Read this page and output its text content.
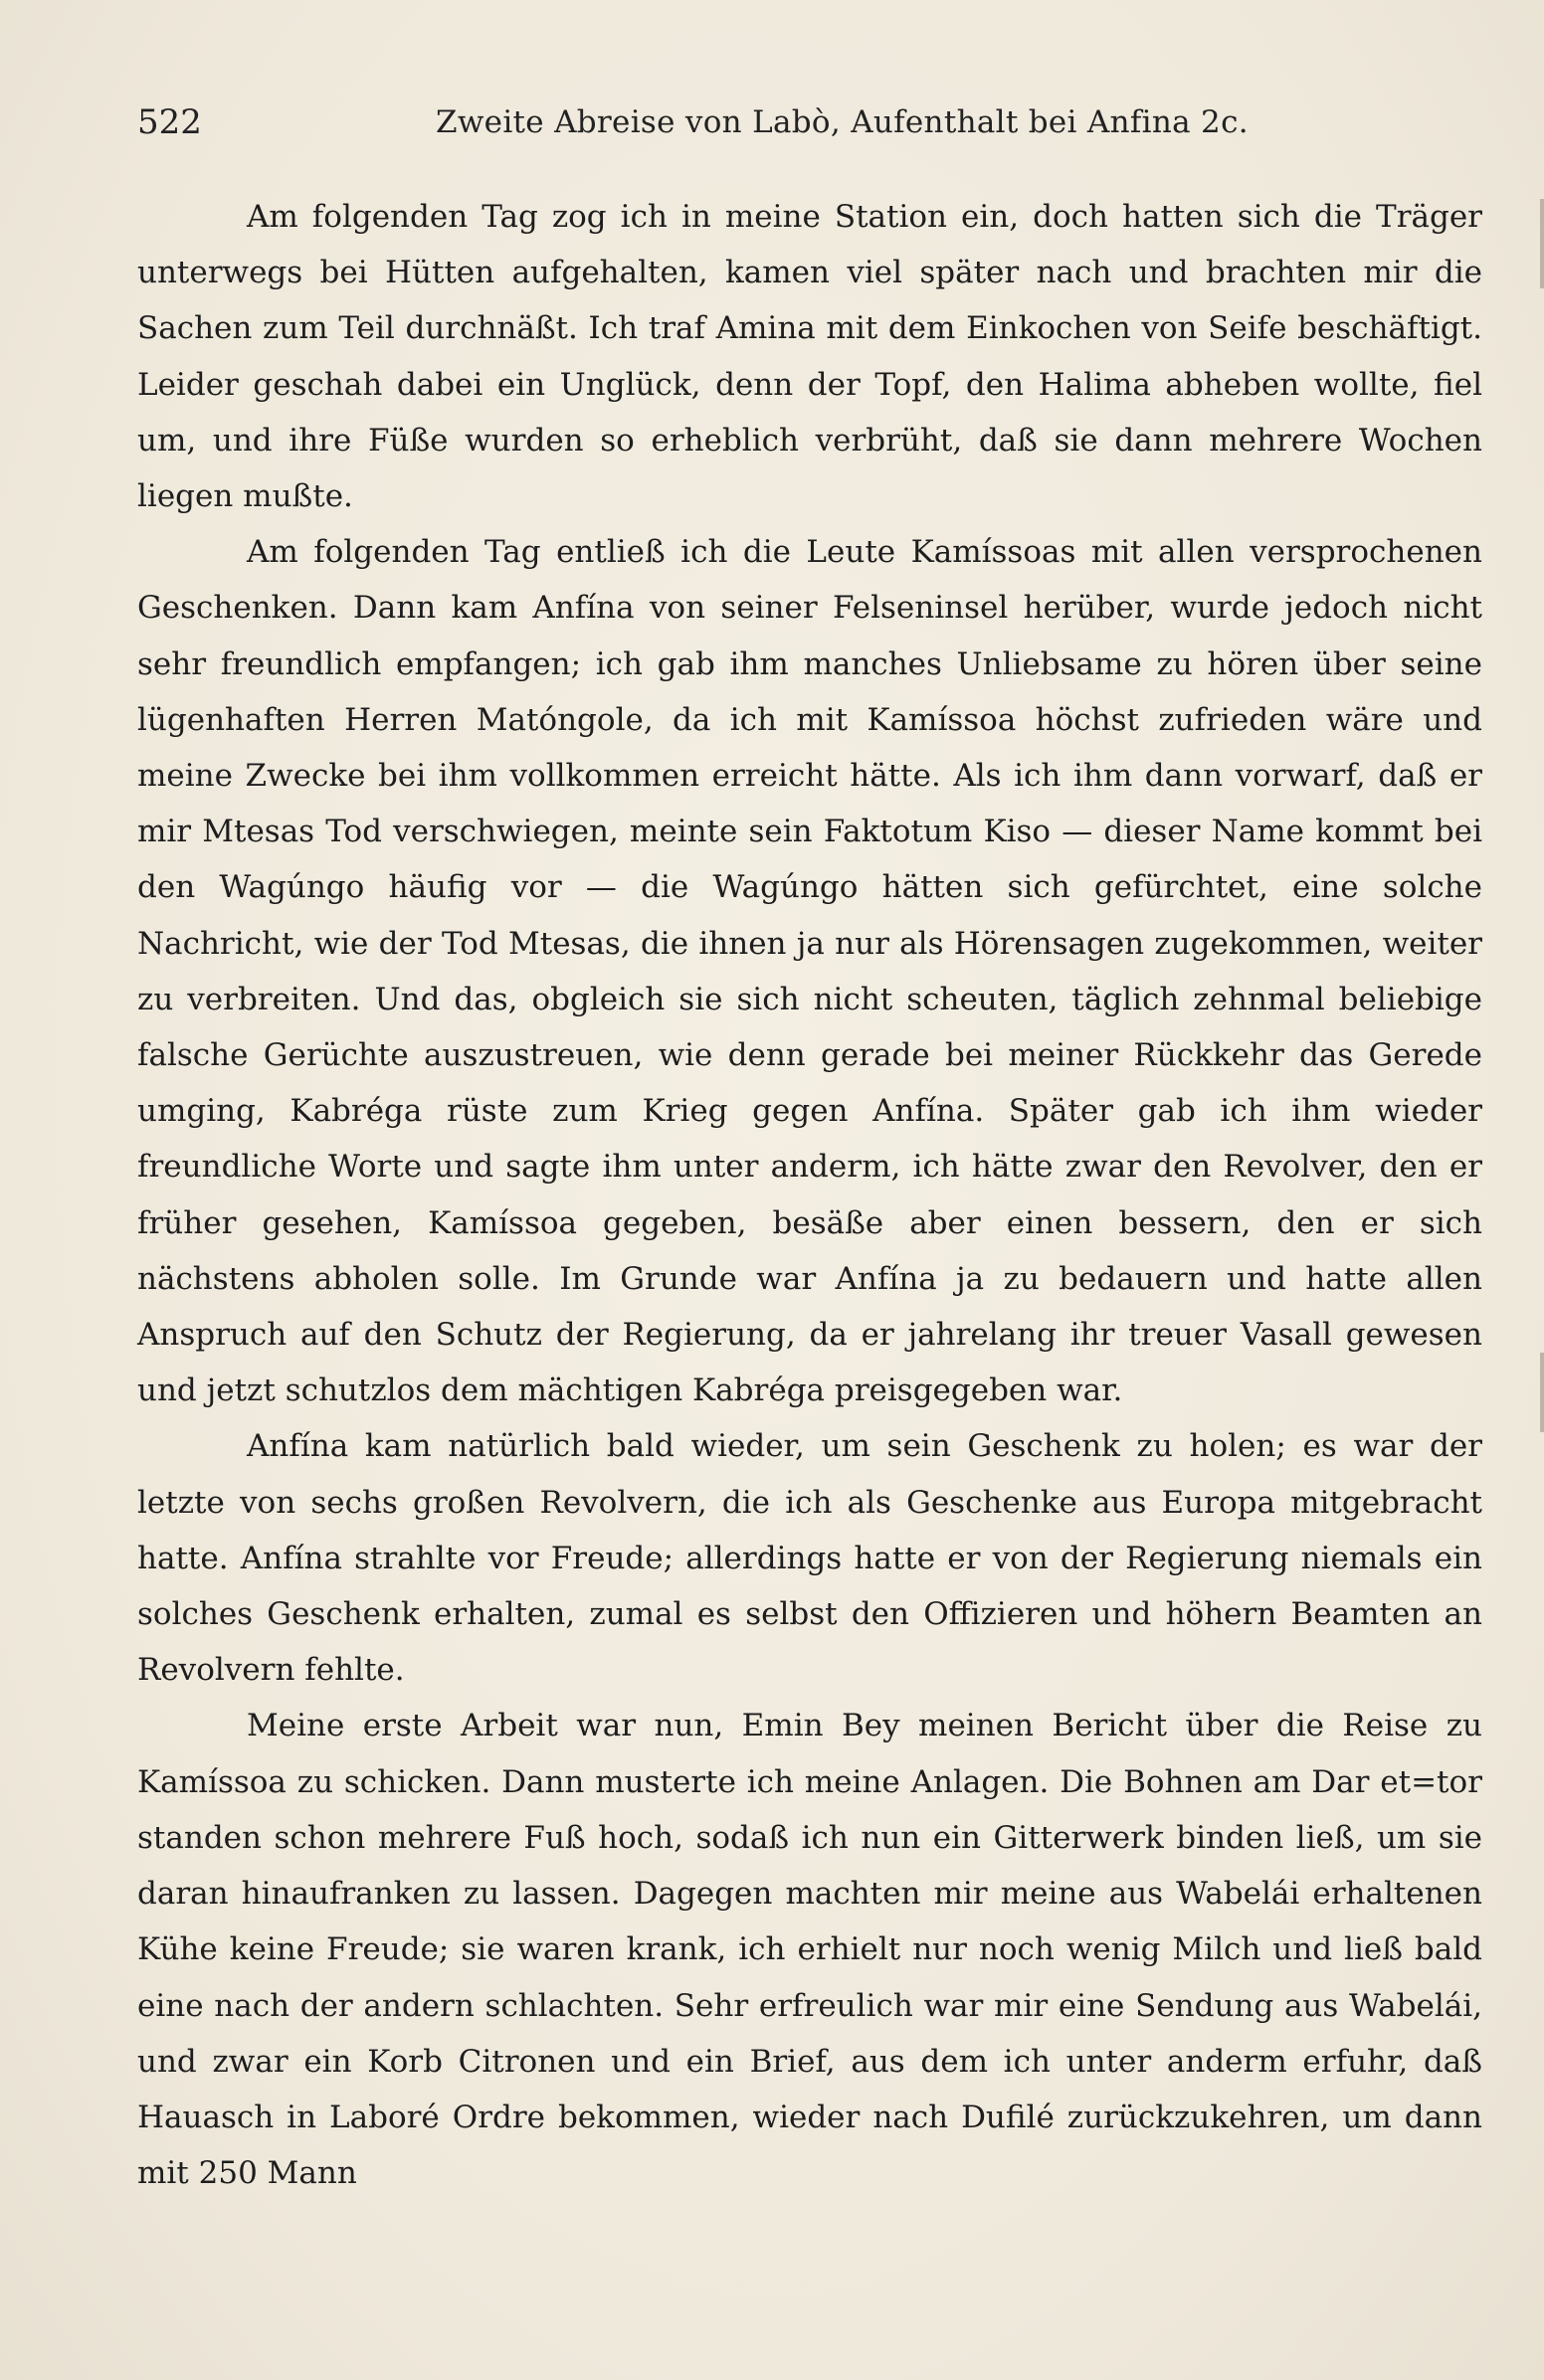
522	Zweite Abreise von Labò, Aufenthalt bei Anfina 2c.

Am folgenden Tag zog ich in meine Station ein, doch hatten sich die Träger unterwegs bei Hütten aufgehalten, kamen viel später nach und brachten mir die Sachen zum Teil durchnäßt. Ich traf Amina mit dem Einkochen von Seife beschäftigt. Leider geschah dabei ein Unglück, denn der Topf, den Halima abheben wollte, fiel um, und ihre Füße wurden so erheblich verbrüht, daß sie dann mehrere Wochen liegen mußte.

Am folgenden Tag entließ ich die Leute Kamíssoas mit allen versprochenen Geschenken. Dann kam Anfína von seiner Felseninsel herüber, wurde jedoch nicht sehr freundlich empfangen; ich gab ihm manches Unliebsame zu hören über seine lügenhaften Herren Matóngole, da ich mit Kamíssoa höchst zufrieden wäre und meine Zwecke bei ihm vollkommen erreicht hätte. Als ich ihm dann vorwarf, daß er mir Mtesas Tod verschwiegen, meinte sein Faktotum Kiso — dieser Name kommt bei den Wagúngo häufig vor — die Wagúngo hätten sich gefürchtet, eine solche Nachricht, wie der Tod Mtesas, die ihnen ja nur als Hörensagen zugekommen, weiter zu verbreiten. Und das, obgleich sie sich nicht scheuten, täglich zehnmal beliebige falsche Gerüchte auszustreuen, wie denn gerade bei meiner Rückkehr das Gerede umging, Kabréga rüste zum Krieg gegen Anfína. Später gab ich ihm wieder freundliche Worte und sagte ihm unter anderm, ich hätte zwar den Revolver, den er früher gesehen, Kamíssoa gegeben, besäße aber einen bessern, den er sich nächstens abholen solle. Im Grunde war Anfína ja zu bedauern und hatte allen Anspruch auf den Schutz der Regierung, da er jahrelang ihr treuer Vasall gewesen und jetzt schutzlos dem mächtigen Kabréga preisgegeben war.

Anfína kam natürlich bald wieder, um sein Geschenk zu holen; es war der letzte von sechs großen Revolvern, die ich als Geschenke aus Europa mitgebracht hatte. Anfína strahlte vor Freude; allerdings hatte er von der Regierung niemals ein solches Geschenk erhalten, zumal es selbst den Offizieren und höhern Beamten an Revolvern fehlte.

Meine erste Arbeit war nun, Emin Bey meinen Bericht über die Reise zu Kamíssoa zu schicken. Dann musterte ich meine Anlagen. Die Bohnen am Dar et=tor standen schon mehrere Fuß hoch, sodaß ich nun ein Gitterwerk binden ließ, um sie daran hinaufranken zu lassen. Dagegen machten mir meine aus Wabelái erhaltenen Kühe keine Freude; sie waren krank, ich erhielt nur noch wenig Milch und ließ bald eine nach der andern schlachten. Sehr erfreulich war mir eine Sendung aus Wabelái, und zwar ein Korb Citronen und ein Brief, aus dem ich unter anderm erfuhr, daß Hauasch in Laboré Ordre bekommen, wieder nach Dufilé zurückzukehren, um dann mit 250 Mann
